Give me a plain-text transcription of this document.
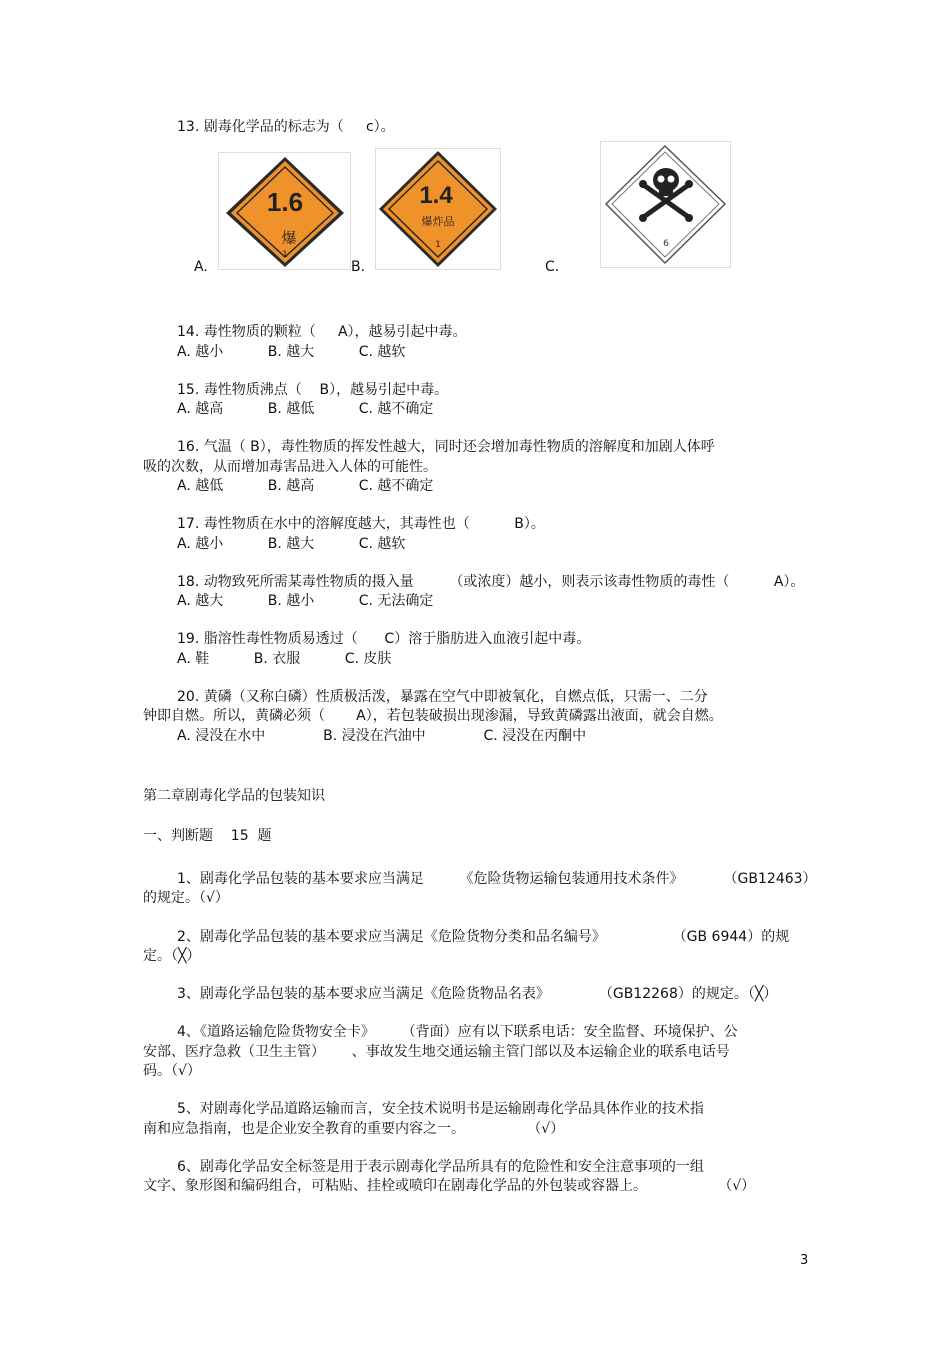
13. 剧毒化学品的标志为（     c）。

A.
1.6
爆
1
B.
1.4
爆炸品
1
C.
6

14. 毒性物质的颗粒（     A），越易引起中毒。

A. 越小          B. 越大          C. 越软

15. 毒性物质沸点（    B），越易引起中毒。

A. 越高          B. 越低          C. 越不确定

16. 气温（ B），毒性物质的挥发性越大，同时还会增加毒性物质的溶解度和加剧人体呼

吸的次数，从而增加毒害品进入人体的可能性。

A. 越低          B. 越高          C. 越不确定

17. 毒性物质在水中的溶解度越大，其毒性也（          B）。

A. 越小          B. 越大          C. 越软

18. 动物致死所需某毒性物质的摄入量        （或浓度）越小，则表示该毒性物质的毒性（          A）。

A. 越大          B. 越小          C. 无法确定

19. 脂溶性毒性物质易透过（      C）溶于脂肪进入血液引起中毒。

A. 鞋          B. 衣服          C. 皮肤

20. 黄磷（又称白磷）性质极活泼，暴露在空气中即被氧化，自燃点低，只需一、二分

钟即自燃。所以，黄磷必须（       A），若包装破损出现渗漏，导致黄磷露出液面，就会自燃。

A. 浸没在水中             B. 浸没在汽油中             C. 浸没在丙酮中

第二章剧毒化学品的包装知识

一、判断题    15  题

1、剧毒化学品包装的基本要求应当满足        《危险货物运输包装通用技术条件》         （GB12463）

的规定。（√）

2、剧毒化学品包装的基本要求应当满足《危险货物分类和品名编号》               （GB 6944）的规

定。（╳）

3、剧毒化学品包装的基本要求应当满足《危险货物品名表》           （GB12268）的规定。（╳）

4、《道路运输危险货物安全卡》      （背面）应有以下联系电话：安全监督、环境保护、公

安部、医疗急救（卫生主管）      、事故发生地交通运输主管门部以及本运输企业的联系电话号

码。（√）

5、对剧毒化学品道路运输而言，安全技术说明书是运输剧毒化学品具体作业的技术指

南和应急指南，也是企业安全教育的重要内容之一。              （√）

6、剧毒化学品安全标签是用于表示剧毒化学品所具有的危险性和安全注意事项的一组

文字、象形图和编码组合，可粘贴、挂栓或喷印在剧毒化学品的外包装或容器上。                （√）

3
